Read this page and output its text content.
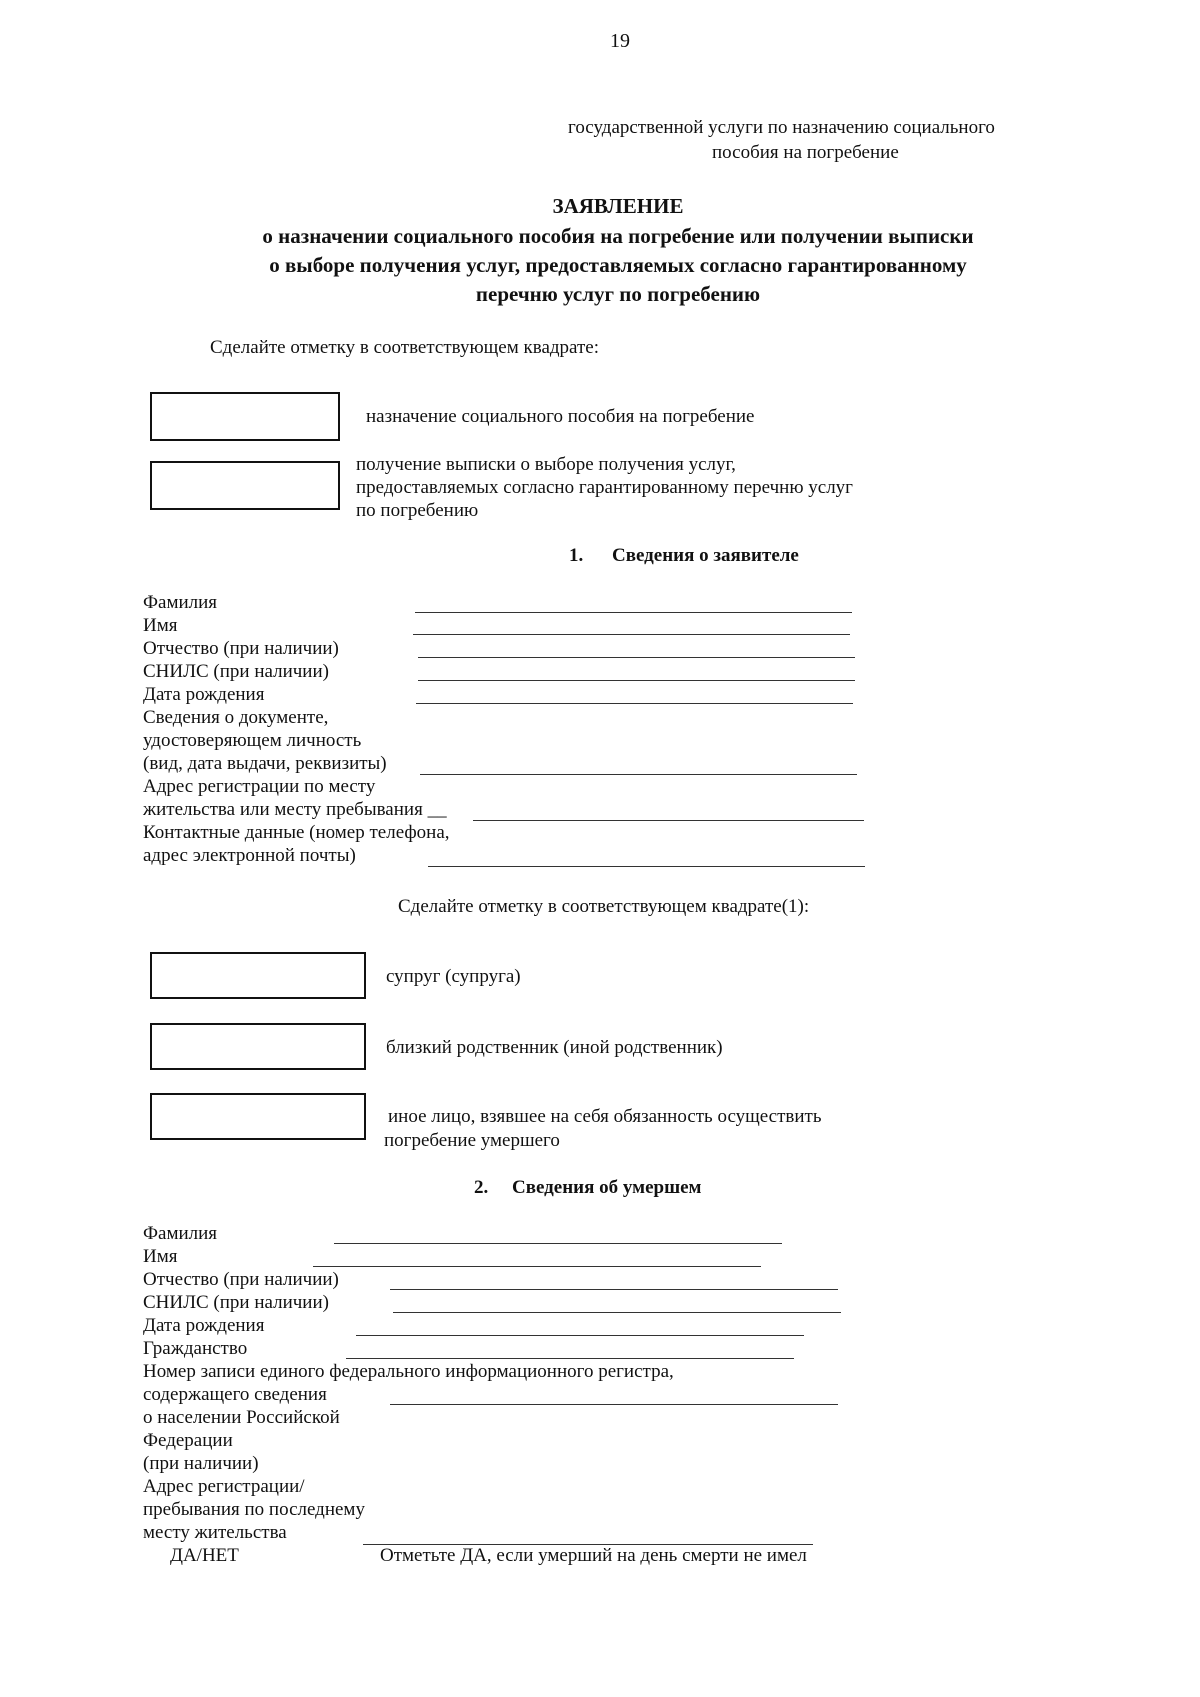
19
государственной услуги по назначению социального
пособия на погребение
ЗАЯВЛЕНИЕ
о назначении социального пособия на погребение или получении выписки
о выборе получения услуг, предоставляемых согласно гарантированному
перечню услуг по погребению
Сделайте отметку в соответствующем квадрате:
назначение социального пособия на погребение
получение выписки о выборе получения услуг,
предоставляемых согласно гарантированному перечню услуг
по погребению
1. Сведения о заявителе
Фамилия
Имя
Отчество (при наличии)
СНИЛС (при наличии)
Дата рождения
Сведения о документе,
удостоверяющем личность
(вид, дата выдачи, реквизиты)
Адрес регистрации по месту
жительства или месту пребывания __
Контактные данные (номер телефона,
адрес электронной почты)
Сделайте отметку в соответствующем квадрате(1):
супруг (супруга)
близкий родственник (иной родственник)
иное лицо, взявшее на себя обязанность осуществить
погребение умершего
2. Сведения об умершем
Фамилия
Имя
Отчество (при наличии)
СНИЛС (при наличии)
Дата рождения
Гражданство
Номер записи единого федерального информационного регистра,
содержащего сведения
о населении Российской
Федерации
(при наличии)
Адрес регистрации/
пребывания по последнему
месту жительства
ДА/НЕТ	Отметьте ДА, если умерший на день смерти не имел
